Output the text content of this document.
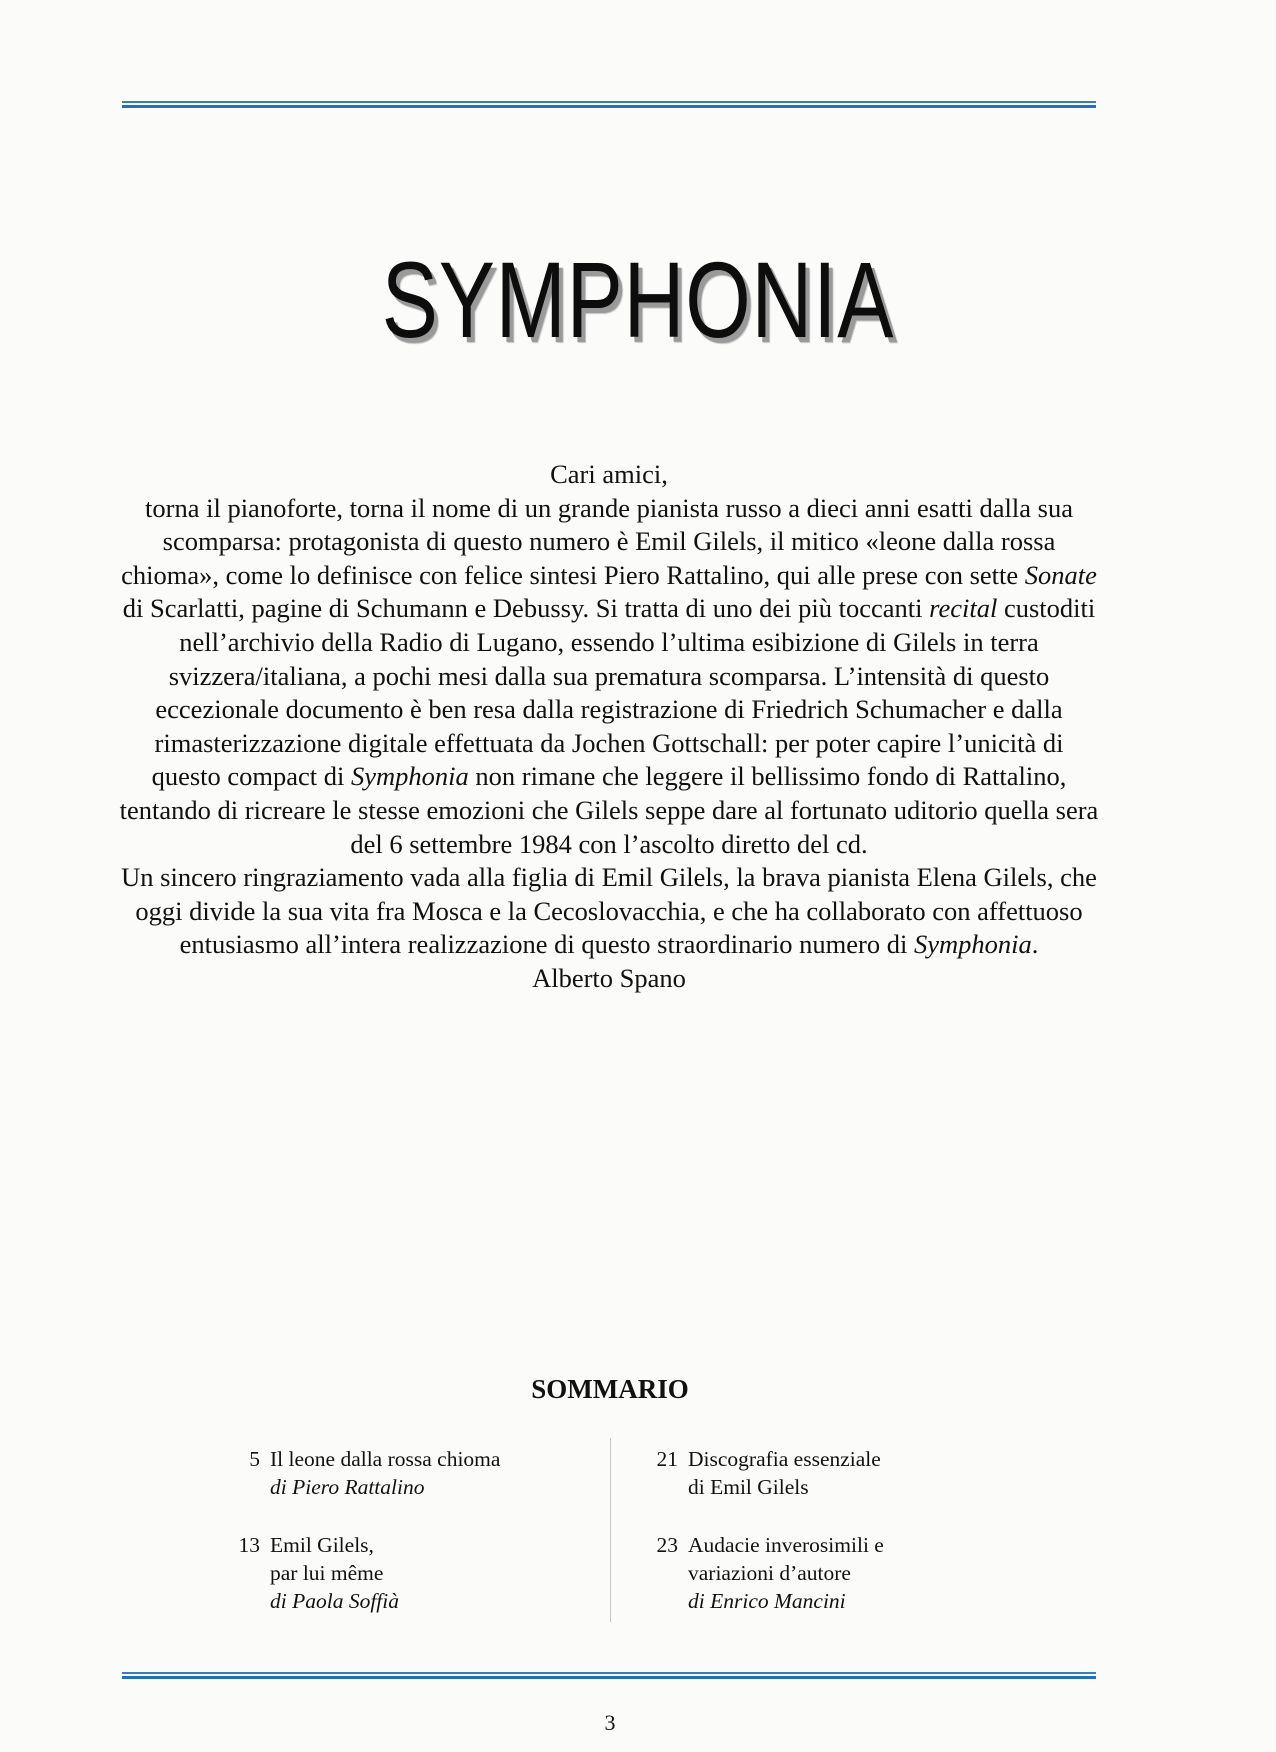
SYMPHONIA

Cari amici,

torna il pianoforte, torna il nome di un grande pianista russo a dieci anni esatti dalla sua scomparsa: protagonista di questo numero è Emil Gilels, il mitico «leone dalla rossa chioma», come lo definisce con felice sintesi Piero Rattalino, qui alle prese con sette Sonate di Scarlatti, pagine di Schumann e Debussy. Si tratta di uno dei più toccanti recital custoditi nell’archivio della Radio di Lugano, essendo l’ultima esibizione di Gilels in terra svizzera/italiana, a pochi mesi dalla sua prematura scomparsa. L’intensità di questo eccezionale documento è ben resa dalla registrazione di Friedrich Schumacher e dalla rimasterizzazione digitale effettuata da Jochen Gottschall: per poter capire l’unicità di questo compact di Symphonia non rimane che leggere il bellissimo fondo di Rattalino, tentando di ricreare le stesse emozioni che Gilels seppe dare al fortunato uditorio quella sera del 6 settembre 1984 con l’ascolto diretto del cd.

Un sincero ringraziamento vada alla figlia di Emil Gilels, la brava pianista Elena Gilels, che oggi divide la sua vita fra Mosca e la Cecoslovacchia, e che ha collaborato con affettuoso entusiasmo all’intera realizzazione di questo straordinario numero di Symphonia.

Alberto Spano

SOMMARIO
5 Il leone dalla rossa chioma
di Piero Rattalino
13 Emil Gilels,
par lui même
di Paola Soffià
21 Discografia essenziale
di Emil Gilels
23 Audacie inverosimili e
variazioni d’autore
di Enrico Mancini
3
